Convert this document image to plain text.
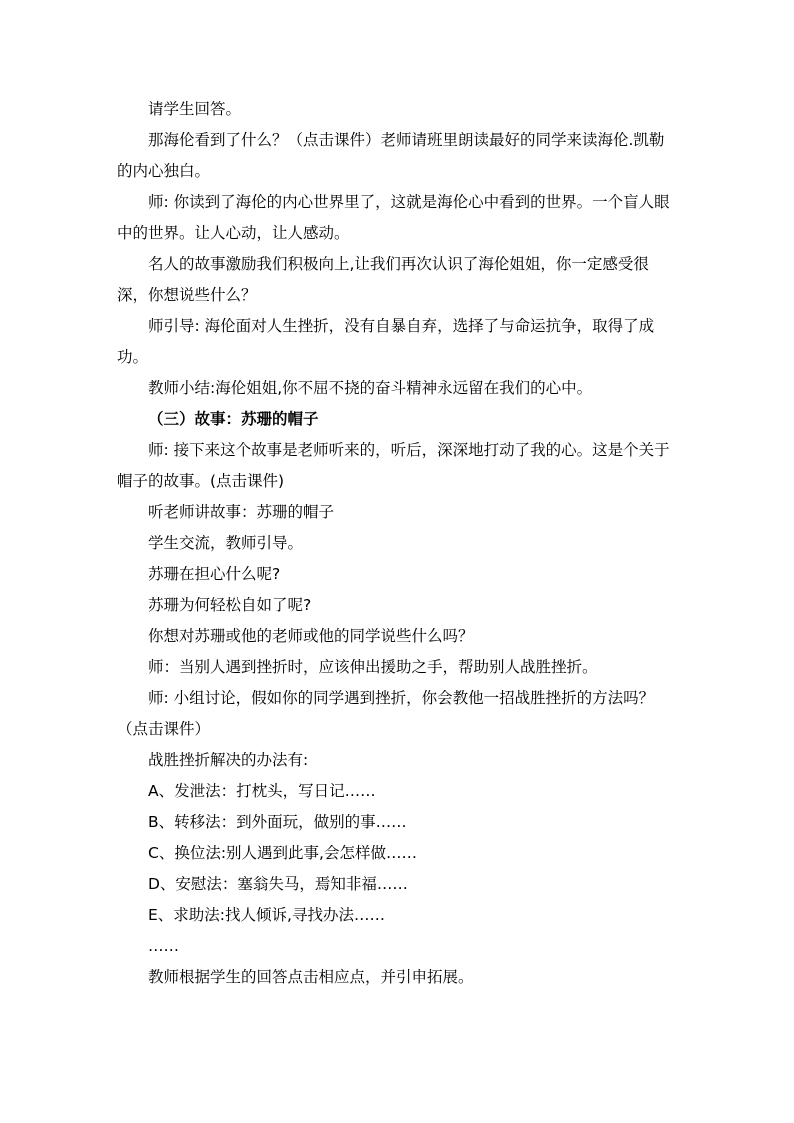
请学生回答。

那海伦看到了什么？（点击课件）老师请班里朗读最好的同学来读海伦.凯勒的内心独白。

师: 你读到了海伦的内心世界里了，这就是海伦心中看到的世界。一个盲人眼中的世界。让人心动，让人感动。

名人的故事激励我们积极向上,让我们再次认识了海伦姐姐，你一定感受很深，你想说些什么？

师引导: 海伦面对人生挫折，没有自暴自弃，选择了与命运抗争，取得了成功。

教师小结:海伦姐姐,你不屈不挠的奋斗精神永远留在我们的心中。

（三）故事：苏珊的帽子

师: 接下来这个故事是老师听来的，听后，深深地打动了我的心。这是个关于帽子的故事。(点击课件)

听老师讲故事：苏珊的帽子

学生交流，教师引导。

苏珊在担心什么呢?

苏珊为何轻松自如了呢?

你想对苏珊或他的老师或他的同学说些什么吗？

师：当别人遇到挫折时，应该伸出援助之手，帮助别人战胜挫折。

师: 小组讨论，假如你的同学遇到挫折，你会教他一招战胜挫折的方法吗？（点击课件）

战胜挫折解决的办法有:

A、发泄法：打枕头，写日记……

B、转移法：到外面玩，做别的事……

C、换位法:别人遇到此事,会怎样做……

D、安慰法：塞翁失马，焉知非福……

E、求助法:找人倾诉,寻找办法……

……

教师根据学生的回答点击相应点，并引申拓展。
